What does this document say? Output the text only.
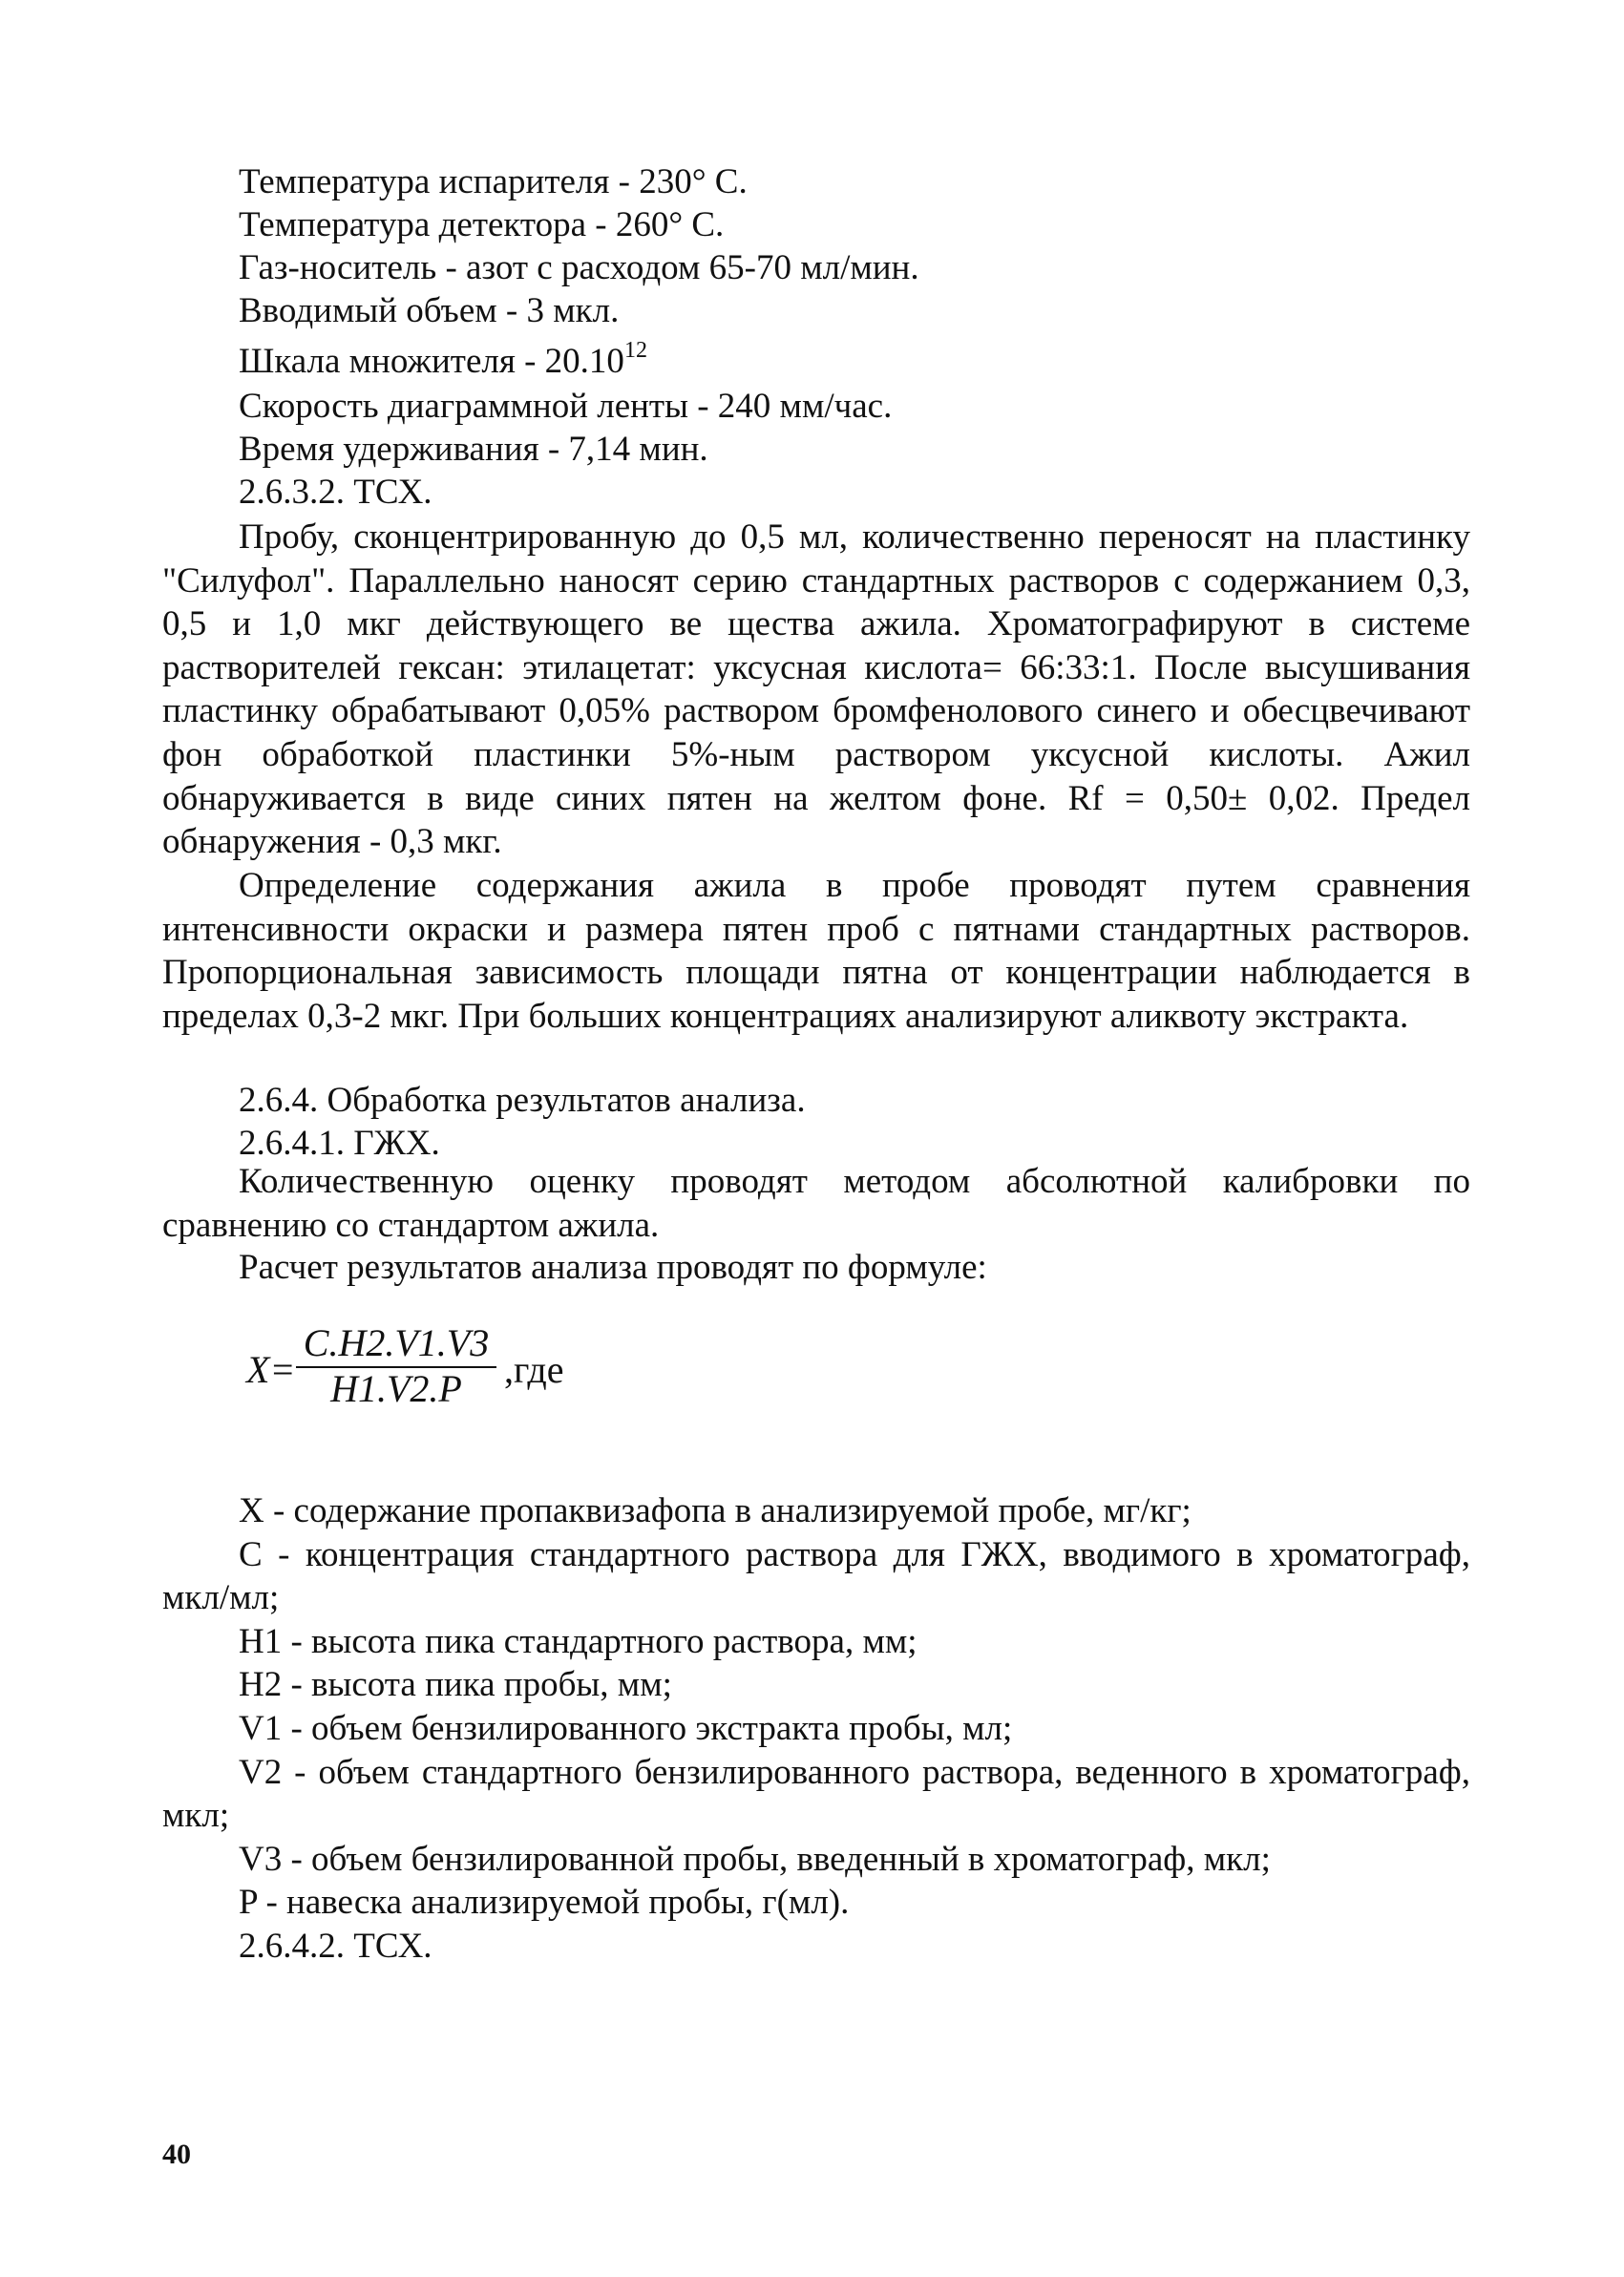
Температура испарителя - 230° С.

Температура детектора - 260° С.

Газ-носитель - азот с расходом 65-70 мл/мин.

Вводимый объем - 3 мкл.

Шкала множителя - 20.10$^{12}$

Скорость диаграммной ленты - 240 мм/час.

Время удерживания - 7,14 мин.

2.6.3.2. ТСХ.

Пробу, сконцентрированную до 0,5 мл, количественно переносят на пластинку "Силуфол". Параллельно наносят серию стандартных растворов с содержанием 0,3, 0,5 и 1,0 мкг действующего ве щества ажила. Хроматографируют в системе растворителей гексан: этилацетат: уксусная кислота= 66:33:1. После высушивания пластинку обрабатывают 0,05% раствором бромфенолового синего и обесцвечивают фон обработкой пластинки 5%-ным раствором уксусной кислоты. Ажил обнаруживается в виде синих пятен на желтом фоне. Rf = 0,50± 0,02. Предел обнаружения - 0,3 мкг.

Определение содержания ажила в пробе проводят путем сравнения интенсивности окраски и размера пятен проб с пятнами стандартных растворов. Пропорциональная зависимость площади пятна от концентрации наблюдается в пределах 0,3-2 мкг. При больших концентрациях анализируют аликвоту экстракта.

2.6.4. Обработка результатов анализа.

2.6.4.1. ГЖХ.

Количественную оценку проводят методом абсолютной калибровки по сравнению со стандартом ажила.

Расчет результатов анализа проводят по формуле:

$X= \frac{C.H2.V1.V3}{H1.V2.P} ,где$

X - содержание пропаквизафопа в анализируемой пробе, мг/кг;

C - концентрация стандартного раствора для ГЖХ, вводимого в хроматограф, мкл/мл;

H1 - высота пика стандартного раствора, мм;

H2 - высота пика пробы, мм;

V1 - объем бензилированного экстракта пробы, мл;

V2 - объем стандартного бензилированного раствора, веденного в хроматограф, мкл;

V3 - объем бензилированной пробы, введенный в хроматограф, мкл;

P - навеска анализируемой пробы, г(мл).

2.6.4.2. ТСХ.

40
